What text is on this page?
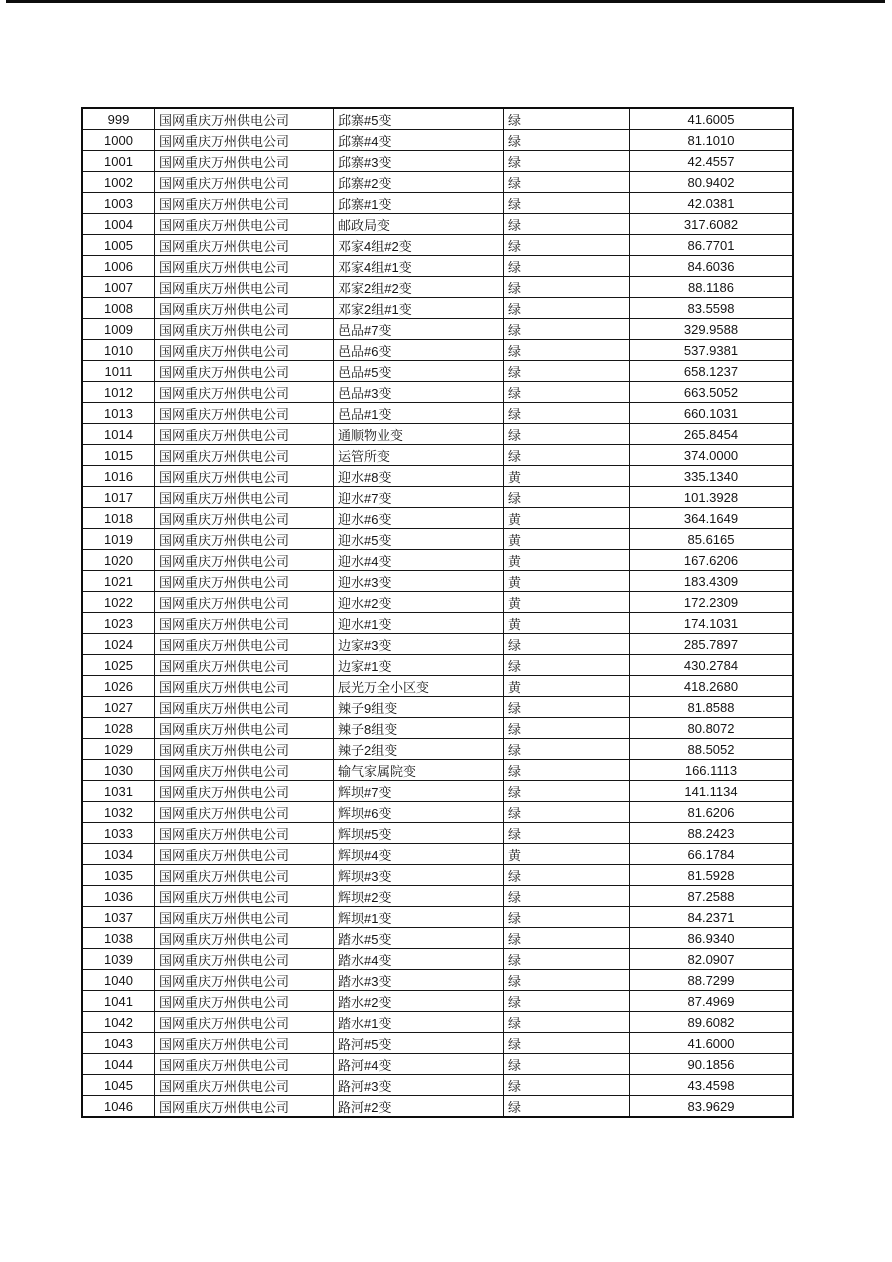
999	国网重庆万州供电公司	邱寨#5变	绿	41.6005
1000	国网重庆万州供电公司	邱寨#4变	绿	81.1010
1001	国网重庆万州供电公司	邱寨#3变	绿	42.4557
1002	国网重庆万州供电公司	邱寨#2变	绿	80.9402
1003	国网重庆万州供电公司	邱寨#1变	绿	42.0381
1004	国网重庆万州供电公司	邮政局变	绿	317.6082
1005	国网重庆万州供电公司	邓家4组#2变	绿	86.7701
1006	国网重庆万州供电公司	邓家4组#1变	绿	84.6036
1007	国网重庆万州供电公司	邓家2组#2变	绿	88.1186
1008	国网重庆万州供电公司	邓家2组#1变	绿	83.5598
1009	国网重庆万州供电公司	邑品#7变	绿	329.9588
1010	国网重庆万州供电公司	邑品#6变	绿	537.9381
1011	国网重庆万州供电公司	邑品#5变	绿	658.1237
1012	国网重庆万州供电公司	邑品#3变	绿	663.5052
1013	国网重庆万州供电公司	邑品#1变	绿	660.1031
1014	国网重庆万州供电公司	通顺物业变	绿	265.8454
1015	国网重庆万州供电公司	运管所变	绿	374.0000
1016	国网重庆万州供电公司	迎水#8变	黄	335.1340
1017	国网重庆万州供电公司	迎水#7变	绿	101.3928
1018	国网重庆万州供电公司	迎水#6变	黄	364.1649
1019	国网重庆万州供电公司	迎水#5变	黄	85.6165
1020	国网重庆万州供电公司	迎水#4变	黄	167.6206
1021	国网重庆万州供电公司	迎水#3变	黄	183.4309
1022	国网重庆万州供电公司	迎水#2变	黄	172.2309
1023	国网重庆万州供电公司	迎水#1变	黄	174.1031
1024	国网重庆万州供电公司	边家#3变	绿	285.7897
1025	国网重庆万州供电公司	边家#1变	绿	430.2784
1026	国网重庆万州供电公司	辰光万全小区变	黄	418.2680
1027	国网重庆万州供电公司	辣子9组变	绿	81.8588
1028	国网重庆万州供电公司	辣子8组变	绿	80.8072
1029	国网重庆万州供电公司	辣子2组变	绿	88.5052
1030	国网重庆万州供电公司	输气家属院变	绿	166.1113
1031	国网重庆万州供电公司	辉坝#7变	绿	141.1134
1032	国网重庆万州供电公司	辉坝#6变	绿	81.6206
1033	国网重庆万州供电公司	辉坝#5变	绿	88.2423
1034	国网重庆万州供电公司	辉坝#4变	黄	66.1784
1035	国网重庆万州供电公司	辉坝#3变	绿	81.5928
1036	国网重庆万州供电公司	辉坝#2变	绿	87.2588
1037	国网重庆万州供电公司	辉坝#1变	绿	84.2371
1038	国网重庆万州供电公司	踏水#5变	绿	86.9340
1039	国网重庆万州供电公司	踏水#4变	绿	82.0907
1040	国网重庆万州供电公司	踏水#3变	绿	88.7299
1041	国网重庆万州供电公司	踏水#2变	绿	87.4969
1042	国网重庆万州供电公司	踏水#1变	绿	89.6082
1043	国网重庆万州供电公司	路河#5变	绿	41.6000
1044	国网重庆万州供电公司	路河#4变	绿	90.1856
1045	国网重庆万州供电公司	路河#3变	绿	43.4598
1046	国网重庆万州供电公司	路河#2变	绿	83.9629
